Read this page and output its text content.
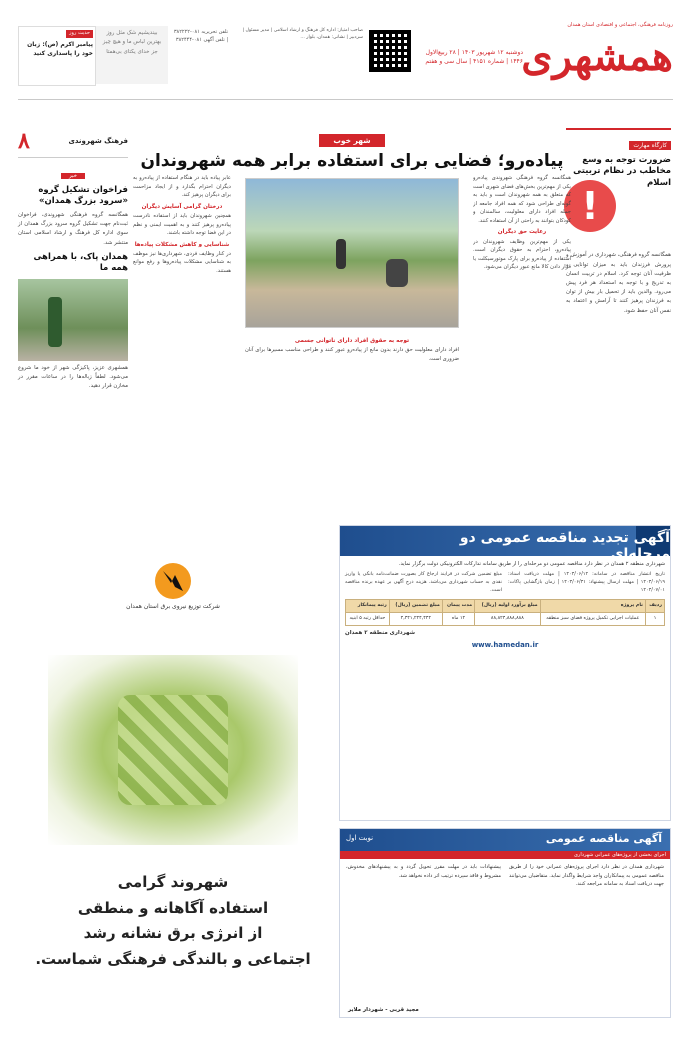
روزنامه فرهنگی، اجتماعی و اقتصادی استان همدان
همشهری
دوشنبه ۱۲ شهریور ۱۴۰۳ | ۲۸ ربیع‌الاول ۱۴۴۶ | شماره ۴۱۵۱ | سال سی و هفتم
صاحب امتیاز: اداره کل فرهنگ و ارشاد اسلامی | مدیر مسئول | سردبیر | نشانی: همدان، بلوار ...
تلفن تحریریه ۰۸۱-۳۸۲۲۲۲ | تلفن آگهی ۰۸۱-۳۸۲۴۴۴
بیندیشیم شک مثل روز بهترین لباس ما و هیچ چیز جز خدای یکتای بی‌همتا
حدیث روز
پیامبر اکرم (ص): زبان خود را پاسداری کنید
کارگاه مهارت
ضرورت توجه به وسع مخاطب در نظام تربیتی اسلام
!
همگانسه گروه فرهنگی، شهرداری در آموزش و پرورش فرزندان باید به میزان توانایی و ظرفیت آنان توجه کرد. اسلام در تربیت انسان به تدریج و با توجه به استعداد هر فرد پیش می‌رود. والدین باید از تحمیل بار بیش از توان به فرزندان پرهیز کنند تا آرامش و اعتماد به نفس آنان حفظ شود.
شهر خوب
پیاده‌رو؛ فضایی برای استفاده برابر همه شهروندان
همگانسه گروه فرهنگی شهروندی پیاده‌رو یکی از مهم‌ترین بخش‌های فضای شهری است که متعلق به همه شهروندان است و باید به گونه‌ای طراحی شود که همه افراد جامعه از جمله افراد دارای معلولیت، سالمندان و کودکان بتوانند به راحتی از آن استفاده کنند.
رعایت حق دیگران
یکی از مهم‌ترین وظایف شهروندان در پیاده‌رو، احترام به حقوق دیگران است. استفاده از پیاده‌رو برای پارک موتورسیکلت یا قرار دادن کالا مانع عبور دیگران می‌شود.
عابر پیاده باید در هنگام استفاده از پیاده‌رو به دیگران احترام بگذارد و از ایجاد مزاحمت برای دیگران پرهیز کند.
درختان گرامی آسایش دیگران
همچنین شهروندان باید از استفاده نادرست پیاده‌رو پرهیز کنند و به اهمیت ایمنی و نظم در این فضا توجه داشته باشند.
شناسایی و کاهش مشکلات پیاده‌ها
در کنار وظایف فردی، شهرداری‌ها نیز موظف به شناسایی مشکلات پیاده‌روها و رفع موانع هستند.
توجه به حقوق افراد دارای ناتوانی جسمی
افراد دارای معلولیت حق دارند بدون مانع از پیاده‌رو عبور کنند و طراحی مناسب مسیرها برای آنان ضروری است.
فرهنگ شهروندی
۸
خبر
فراخوان تشکیل گروه «سرود بزرگ همدان»
همگانسه گروه فرهنگی شهروندی، فراخوان ثبت‌نام جهت تشکیل گروه سرود بزرگ همدان از سوی اداره کل فرهنگ و ارشاد اسلامی استان منتشر شد.
همدان پاک، با همراهی همه ما
همشهری عزیز، پاکیزگی شهر از خود ما شروع می‌شود. لطفاً زباله‌ها را در ساعات مقرر در مخازن قرار دهید.
شرکت توزیع نیروی برق استان همدان
شهروند گرامی
استفاده آگاهانه و منطقی
از انرژی برق نشانه رشد
اجتماعی و بالندگی فرهنگی شماست.
آگهی تجدید مناقصه عمومی دو مرحله‌ای
شهرداری منطقه ۲ همدان در نظر دارد مناقصه عمومی دو مرحله‌ای را از طریق سامانه تدارکات الکترونیکی دولت برگزار نماید.
تاریخ انتشار مناقصه در سامانه: ۱۴۰۳/۰۶/۱۲ | مهلت دریافت اسناد: ۱۴۰۳/۰۶/۱۹ | مهلت ارسال پیشنهاد: ۱۴۰۳/۰۶/۳۱ | زمان بازگشایی پاکات: ۱۴۰۳/۰۷/۰۱
مبلغ تضمین شرکت در فرایند ارجاع کار بصورت ضمانت‌نامه بانکی یا واریز نقدی به حساب شهرداری می‌باشد. هزینه درج آگهی بر عهده برنده مناقصه است.
ردیف	نام پروژه	مبلغ برآورد اولیه (ریال)	مدت پیمان	مبلغ تضمین (ریال)	رتبه پیمانکار
۱	عملیات اجرایی تکمیل پروژه فضای سبز منطقه	۸۸,۸۲۴,۸۸۸,۸۸۸	۱۲ ماه	۴,۴۴۱,۲۴۴,۴۴۴	حداقل رتبه ۵ ابنیه
شهرداری منطقه ۲ همدان
www.hamedan.ir
آگهی مناقصه عمومی
نوبت اول
اجرای بخشی از پروژه‌های عمرانی شهرداری
شهرداری همدان در نظر دارد اجرای پروژه‌های عمرانی خود را از طریق مناقصه عمومی به پیمانکاران واجد شرایط واگذار نماید. متقاضیان می‌توانند جهت دریافت اسناد به سامانه مراجعه کنند.
پیشنهادات باید در مهلت مقرر تحویل گردد و به پیشنهادهای مخدوش، مشروط و فاقد سپرده ترتیب اثر داده نخواهد شد.
مجید قربی - شهردار ملایر
